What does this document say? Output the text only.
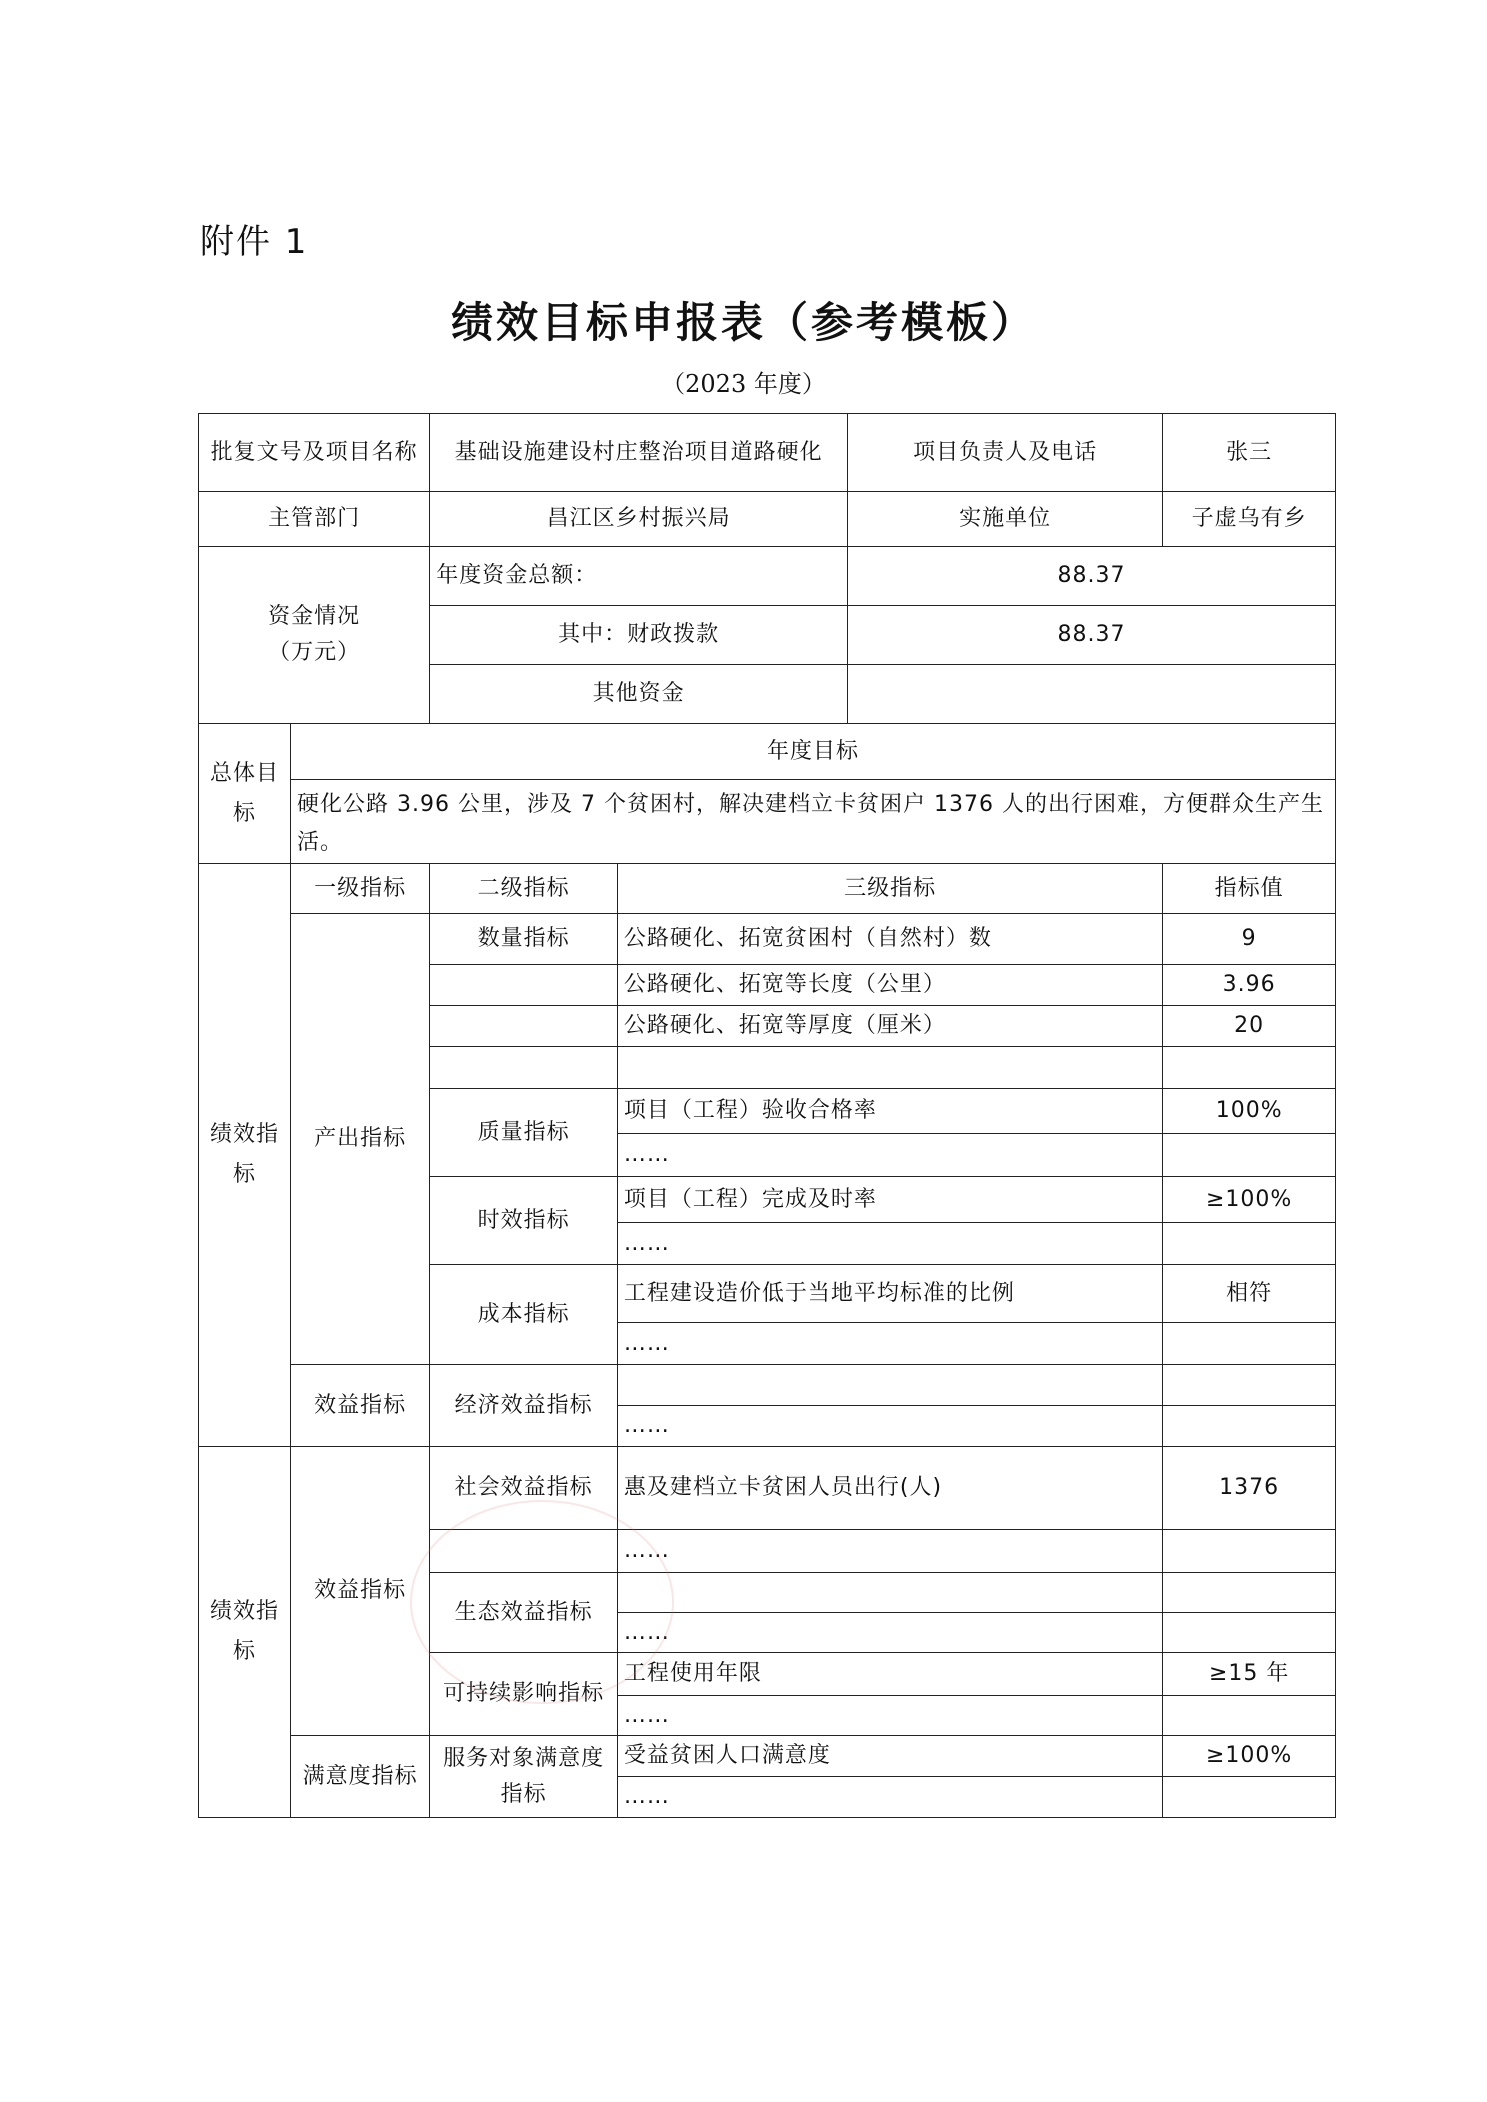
附件 1
绩效目标申报表（参考模板）
（2023 年度）
批复文号及项目名称		基础设施建设村庄整治项目道路硬化		项目负责人及电话	张三
主管部门		昌江区乡村振兴局		实施单位	子虚乌有乡

资金情况
（万元）		年度资金总额：		88.37	
		其中：财政拨款		88.37	
		其他资金			
总体目标	年度目标				
	硬化公路 3.96 公里，涉及 7 个贫困村，解决建档立卡贫困户 1376 人的出行困难，方便群众生产生活。				
绩效指标	一级指标	二级指标	三级指标		指标值
	产出指标	数量指标	公路硬化、拓宽贫困村（自然村）数		9
			公路硬化、拓宽等长度（公里）		3.96
			公路硬化、拓宽等厚度（厘米）		20

		质量指标	项目（工程）验收合格率		100%
			……		
		时效指标	项目（工程）完成及时率		≥100%
			……		
		成本指标	工程建设造价低于当地平均标准的比例		相符
			……		
	效益指标	经济效益指标			
			……		
绩效指标	效益指标	社会效益指标	惠及建档立卡贫困人员出行(人)		1376
			……		
		生态效益指标			
			……		
		可持续影响指标	工程使用年限		≥15 年
			……		
	满意度指标	服务对象满意度指标	受益贫困人口满意度		≥100%
			……		
